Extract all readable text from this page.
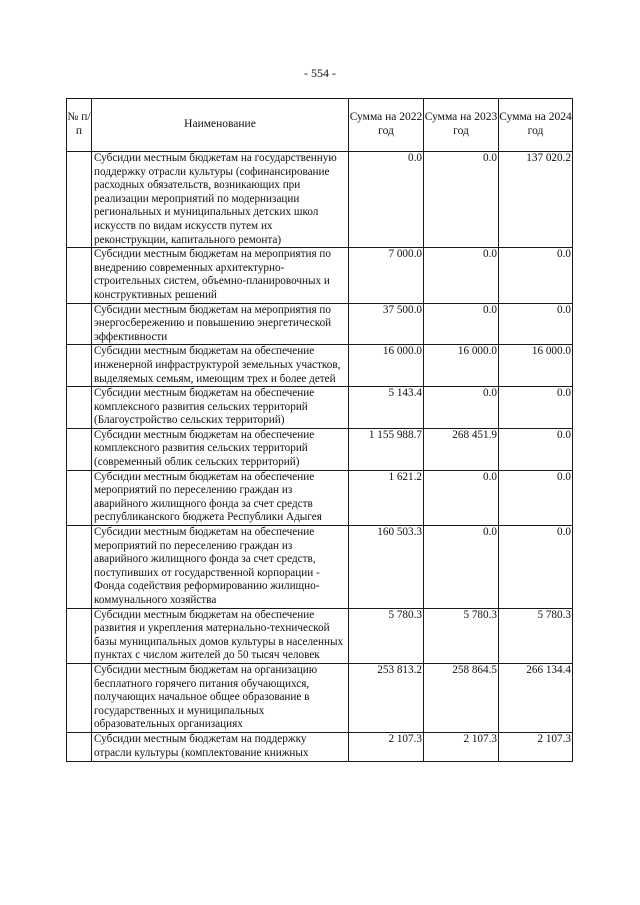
- 554 -
№ п/п	Наименование	Сумма на 2022 год	Сумма на 2023 год	Сумма на 2024 год
	Субсидии местным бюджетам на государственную поддержку отрасли культуры (софинансирование расходных обязательств, возникающих при реализации мероприятий по модернизации региональных и муниципальных детских школ искусств по видам искусств путем их реконструкции, капитального ремонта)	0.0	0.0	137 020.2
	Субсидии местным бюджетам на мероприятия по внедрению современных архитектурно-строительных систем, объемно-планировочных и конструктивных решений	7 000.0	0.0	0.0
	Субсидии местным бюджетам на мероприятия по энергосбережению и повышению энергетической эффективности	37 500.0	0.0	0.0
	Субсидии местным бюджетам на обеспечение инженерной инфраструктурой земельных участков, выделяемых семьям, имеющим трех и более детей	16 000.0	16 000.0	16 000.0
	Субсидии местным бюджетам на обеспечение комплексного развития сельских территорий (Благоустройство сельских территорий)	5 143.4	0.0	0.0
	Субсидии местным бюджетам на обеспечение комплексного развития сельских территорий (современный облик сельских территорий)	1 155 988.7	268 451.9	0.0
	Субсидии местным бюджетам на обеспечение мероприятий по переселению граждан из аварийного жилищного фонда за счет средств республиканского бюджета Республики Адыгея	1 621.2	0.0	0.0
	Субсидии местным бюджетам на обеспечение мероприятий по переселению граждан из аварийного жилищного фонда за счет средств, поступивших от государственной корпорации - Фонда содействия реформированию жилищно-коммунального хозяйства	160 503.3	0.0	0.0
	Субсидии местным бюджетам на обеспечение развития и укрепления материально-технической базы муниципальных домов культуры в населенных пунктах с числом жителей до 50 тысяч человек	5 780.3	5 780.3	5 780.3
	Субсидии местным бюджетам на организацию бесплатного горячего питания обучающихся, получающих начальное общее образование в государственных и муниципальных образовательных организациях	253 813.2	258 864.5	266 134.4
	Субсидии местным бюджетам на поддержку отрасли культуры (комплектование книжных	2 107.3	2 107.3	2 107.3
